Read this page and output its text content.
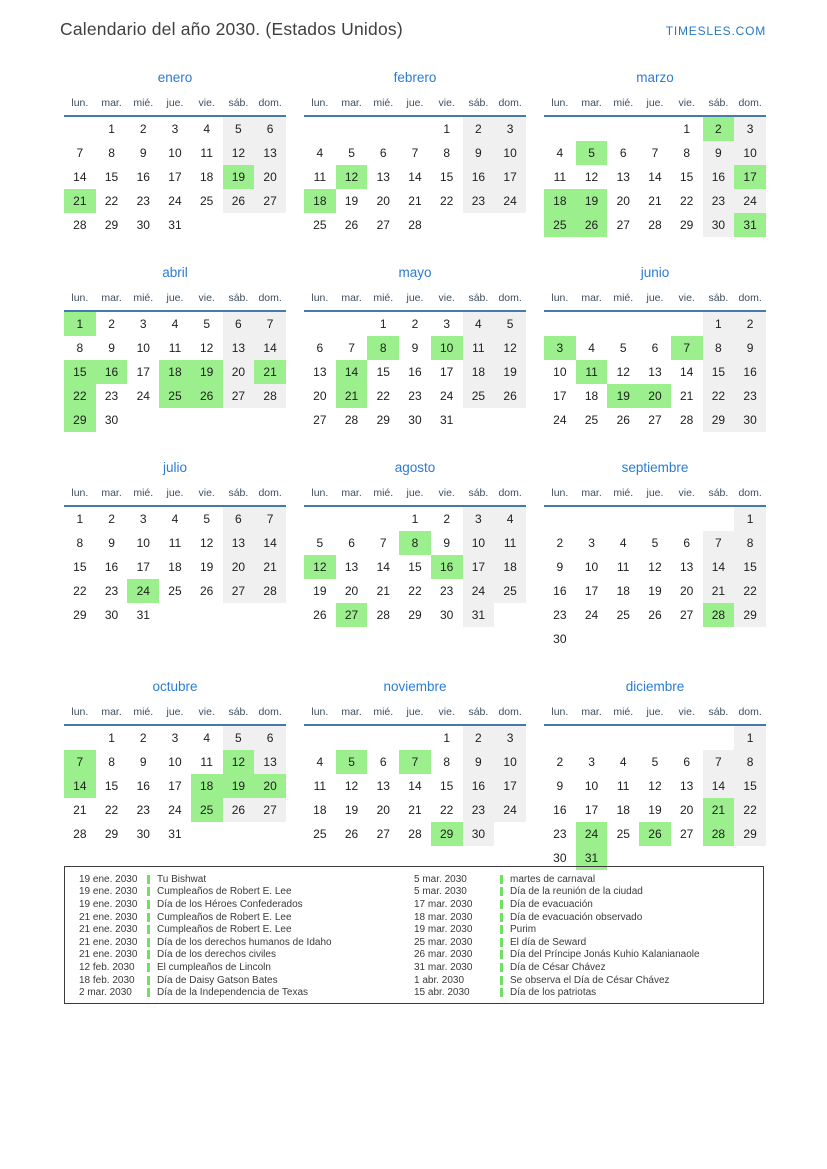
Calendario del año 2030. (Estados Unidos)	TIMESLES.COM
enero
lun.	mar.	mié.	jue.	vie.	sáb.	dom.
	1	2	3	4	5	6
7	8	9	10	11	12	13
14	15	16	17	18	19	20
21	22	23	24	25	26	27
28	29	30	31			
febrero
lun.	mar.	mié.	jue.	vie.	sáb.	dom.
				1	2	3
4	5	6	7	8	9	10
11	12	13	14	15	16	17
18	19	20	21	22	23	24
25	26	27	28			
marzo
lun.	mar.	mié.	jue.	vie.	sáb.	dom.
				1	2	3
4	5	6	7	8	9	10
11	12	13	14	15	16	17
18	19	20	21	22	23	24
25	26	27	28	29	30	31
abril
lun.	mar.	mié.	jue.	vie.	sáb.	dom.
1	2	3	4	5	6	7
8	9	10	11	12	13	14
15	16	17	18	19	20	21
22	23	24	25	26	27	28
29	30					
mayo
lun.	mar.	mié.	jue.	vie.	sáb.	dom.
		1	2	3	4	5
6	7	8	9	10	11	12
13	14	15	16	17	18	19
20	21	22	23	24	25	26
27	28	29	30	31		
junio
lun.	mar.	mié.	jue.	vie.	sáb.	dom.
					1	2
3	4	5	6	7	8	9
10	11	12	13	14	15	16
17	18	19	20	21	22	23
24	25	26	27	28	29	30
julio
lun.	mar.	mié.	jue.	vie.	sáb.	dom.
1	2	3	4	5	6	7
8	9	10	11	12	13	14
15	16	17	18	19	20	21
22	23	24	25	26	27	28
29	30	31				
agosto
lun.	mar.	mié.	jue.	vie.	sáb.	dom.
			1	2	3	4
5	6	7	8	9	10	11
12	13	14	15	16	17	18
19	20	21	22	23	24	25
26	27	28	29	30	31	
septiembre
lun.	mar.	mié.	jue.	vie.	sáb.	dom.
						1
2	3	4	5	6	7	8
9	10	11	12	13	14	15
16	17	18	19	20	21	22
23	24	25	26	27	28	29
30						
octubre
lun.	mar.	mié.	jue.	vie.	sáb.	dom.
	1	2	3	4	5	6
7	8	9	10	11	12	13
14	15	16	17	18	19	20
21	22	23	24	25	26	27
28	29	30	31			
noviembre
lun.	mar.	mié.	jue.	vie.	sáb.	dom.
				1	2	3
4	5	6	7	8	9	10
11	12	13	14	15	16	17
18	19	20	21	22	23	24
25	26	27	28	29	30	
diciembre
lun.	mar.	mié.	jue.	vie.	sáb.	dom.
						1
2	3	4	5	6	7	8
9	10	11	12	13	14	15
16	17	18	19	20	21	22
23	24	25	26	27	28	29
30	31					
19 ene. 2030	Tu Bishwat
19 ene. 2030	Cumpleaños de Robert E. Lee
19 ene. 2030	Día de los Héroes Confederados
21 ene. 2030	Cumpleaños de Robert E. Lee
21 ene. 2030	Cumpleaños de Robert E. Lee
21 ene. 2030	Día de los derechos humanos de Idaho
21 ene. 2030	Día de los derechos civiles
12 feb. 2030	El cumpleaños de Lincoln
18 feb. 2030	Día de Daisy Gatson Bates
2 mar. 2030	Día de la Independencia de Texas
5 mar. 2030	martes de carnaval
5 mar. 2030	Día de la reunión de la ciudad
17 mar. 2030	Día de evacuación
18 mar. 2030	Día de evacuación observado
19 mar. 2030	Purim
25 mar. 2030	El día de Seward
26 mar. 2030	Día del Príncipe Jonás Kuhio Kalanianaole
31 mar. 2030	Día de César Chávez
1 abr. 2030	Se observa el Día de César Chávez
15 abr. 2030	Día de los patriotas
